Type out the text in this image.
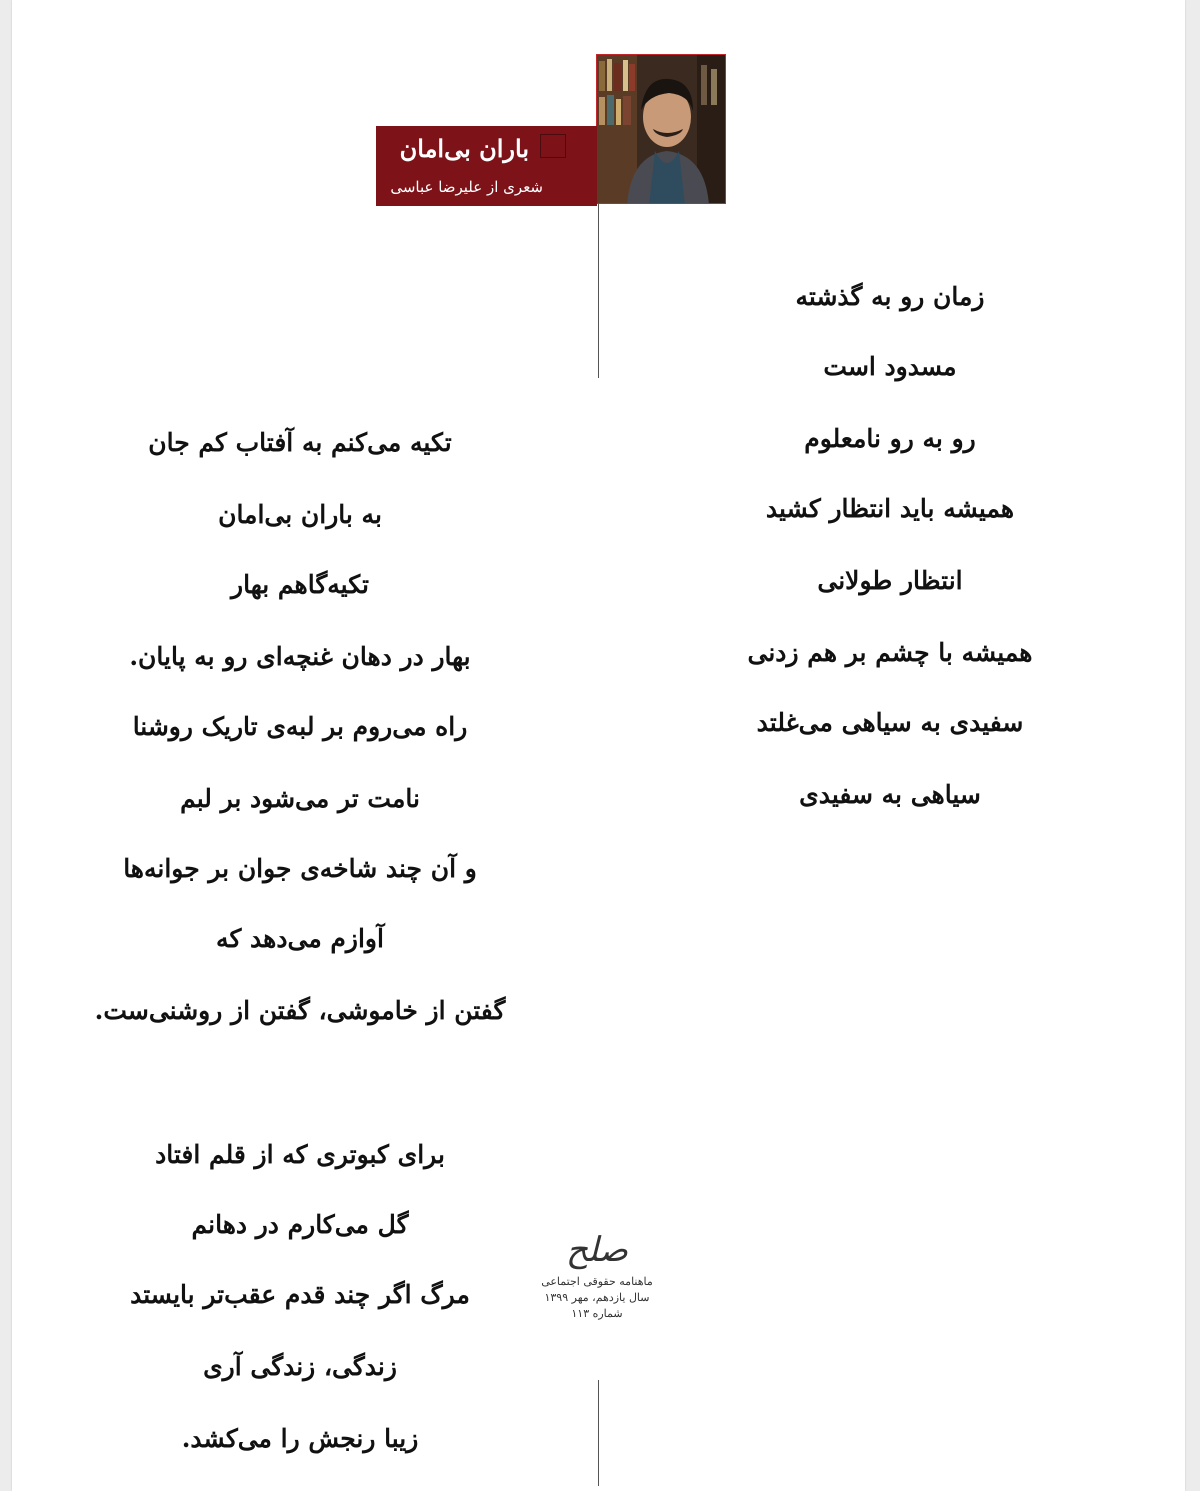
باران بی‌امان
شعری از علیرضا عباسی
زمان رو به گذشته
مسدود است
رو به رو نامعلوم
همیشه باید انتظار کشید
انتظار طولانی
همیشه با چشم بر هم زدنی
سفیدی به سیاهی می‌غلتد
سیاهی به سفیدی
تکیه می‌کنم به آفتاب کم جان
به باران بی‌امان
تکیه‌گاهم بهار
بهار در دهان غنچه‌ای رو به پایان.
راه می‌روم بر لبه‌ی تاریک روشنا
نامت تر می‌شود بر لبم
و آن چند شاخه‌ی جوان بر جوانه‌ها
آوازم می‌دهد که
گفتن از خاموشی، گفتن از روشنی‌ست.
برای کبوتری که از قلم افتاد
گل می‌کارم در دهانم
مرگ اگر چند قدم عقب‌تر بایستد
زندگی، زندگی آری
زیبا رنجش را می‌کشد.
صلح
ماهنامه حقوقی اجتماعی
سال یازدهم، مهر ۱۳۹۹
شماره ۱۱۳
